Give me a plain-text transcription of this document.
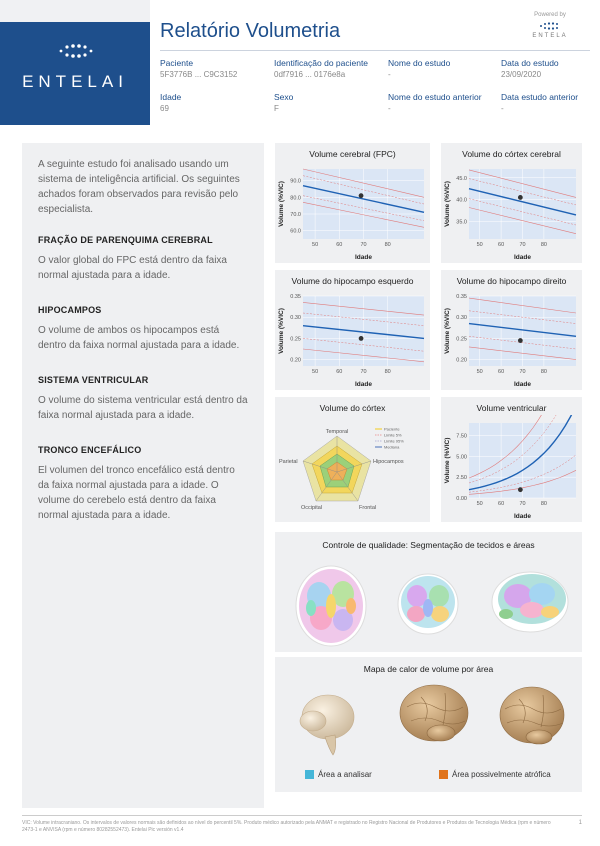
ENTELAI
Relatório Volumetria
Powered by
ENTELA
Paciente
5F3776B ... C9C3152
Identificação do paciente
0df7916 ... 0176e8a
Nome do estudo
-
Data do estudo
23/09/2020
Idade
69
Sexo
F
Nome do estudo anterior
-
Data estudo anterior
-

A seguinte estudo foi analisado usando um sistema de inteligência artificial. Os seguintes achados foram observados para revisão pelo especialista.

FRAÇÃO DE PARENQUIMA CEREBRAL

O valor global do FPC está dentro da faixa normal ajustada para a idade.

HIPOCAMPOS

O volume de ambos os hipocampos está dentro da faixa normal ajustada para a idade.

SISTEMA VENTRICULAR

O volume do sistema ventricular está dentro da faixa normal ajustada para a idade.

TRONCO ENCEFÁLICO

El volumen del tronco encefálico está dentro da faixa normal ajustada para a idade. O volume do cerebelo está dentro da faixa normal ajustada para a idade.

Volume cerebral (FPC)
60.0
70.0
80.0
90.0
50	60	70	80
Idade
Volume (%VIC)
Volume do córtex cerebral
35.0
40.0
45.0
50	60	70	80
Idade
Volume (%VIC)
Volume do hipocampo esquerdo
0.20
0.25
0.30
0.35
50	60	70	80
Idade
Volume (%VIC)
Volume do hipocampo direito
0.20
0.25
0.30
0.35
50	60	70	80
Idade
Volume (%VIC)
Volume do córtex
Temporal
Hipocampos
Frontal
Occipital
Parietal
Paciente
Limite 5%
Limite 95%
Mediana
Volume ventricular
0.00
2.50
5.00
7.50
50	60	70	80
Idade
Volume (%VIC)
Controle de qualidade: Segmentação de tecidos e áreas
Mapa de calor de volume por área
Área a analisar	Área possivelmente atrófica
VIC: Volume intracraniano. Os intervalos de valores normais são definidos ao nível do percentil 5%. Produto médico autorizado pela ANMAT e registrado no Registro Nacional de Produtores e Produtos de Tecnologia Médica (rpm e número 2473-1 e ANVISA (rpm e número 80282552473). Entelai Pic versión v1.4
1
